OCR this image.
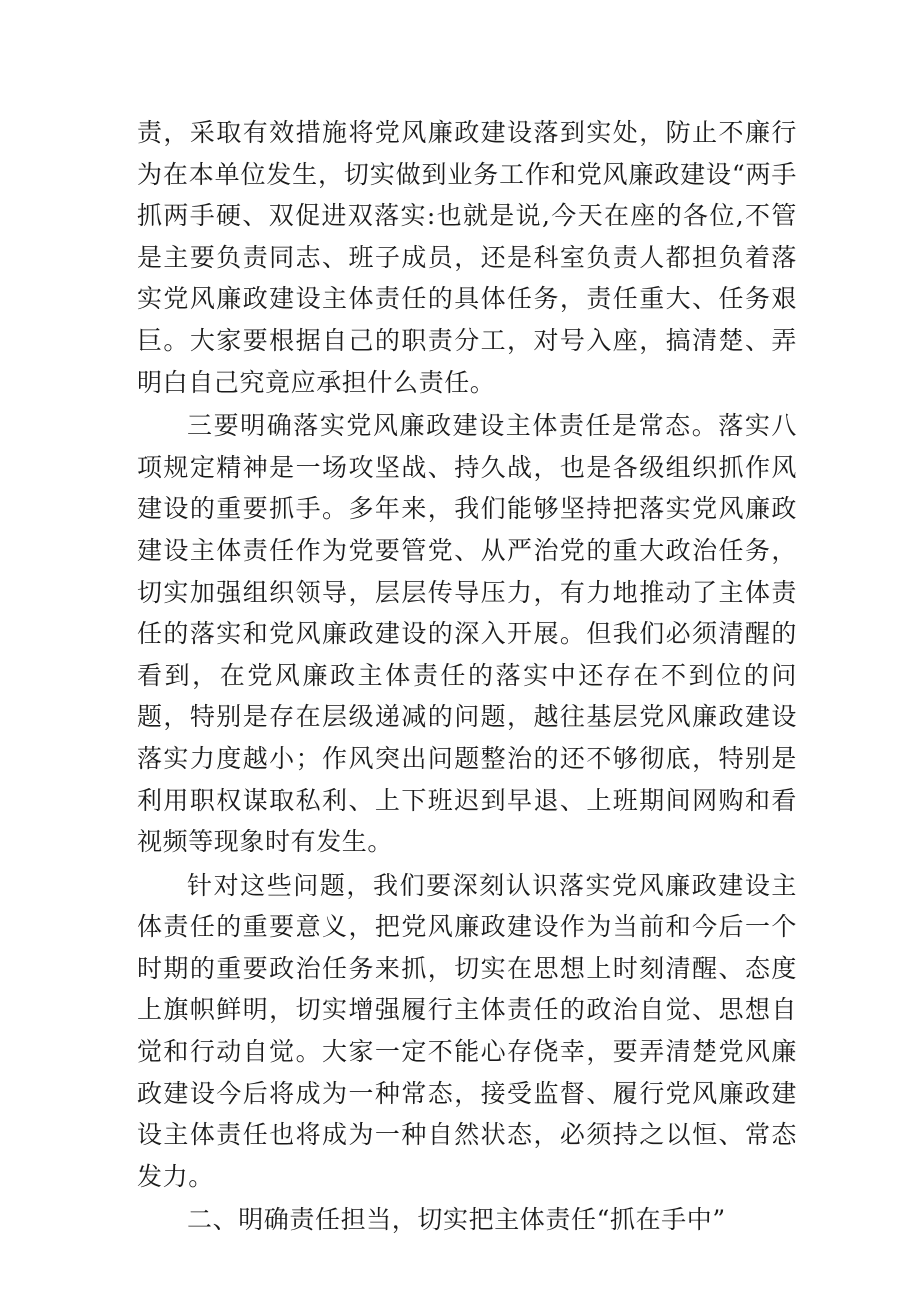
责，采取有效措施将党风廉政建设落到实处，防止不廉行为在本单位发生，切实做到业务工作和党风廉政建设“两手抓两手硬、双促进双落实:也就是说,今天在座的各位,不管是主要负责同志、班子成员，还是科室负责人都担负着落实党风廉政建设主体责任的具体任务，责任重大、任务艰巨。大家要根据自己的职责分工，对号入座，搞清楚、弄明白自己究竟应承担什么责任。

三要明确落实党风廉政建设主体责任是常态。落实八项规定精神是一场攻坚战、持久战，也是各级组织抓作风建设的重要抓手。多年来，我们能够坚持把落实党风廉政建设主体责任作为党要管党、从严治党的重大政治任务，切实加强组织领导，层层传导压力，有力地推动了主体责任的落实和党风廉政建设的深入开展。但我们必须清醒的看到，在党风廉政主体责任的落实中还存在不到位的问题，特别是存在层级递减的问题，越往基层党风廉政建设落实力度越小；作风突出问题整治的还不够彻底，特别是利用职权谋取私利、上下班迟到早退、上班期间网购和看视频等现象时有发生。

针对这些问题，我们要深刻认识落实党风廉政建设主体责任的重要意义，把党风廉政建设作为当前和今后一个时期的重要政治任务来抓，切实在思想上时刻清醒、态度上旗帜鲜明，切实增强履行主体责任的政治自觉、思想自觉和行动自觉。大家一定不能心存侥幸，要弄清楚党风廉政建设今后将成为一种常态，接受监督、履行党风廉政建设主体责任也将成为一种自然状态，必须持之以恒、常态发力。

二、明确责任担当，切实把主体责任“抓在手中”
